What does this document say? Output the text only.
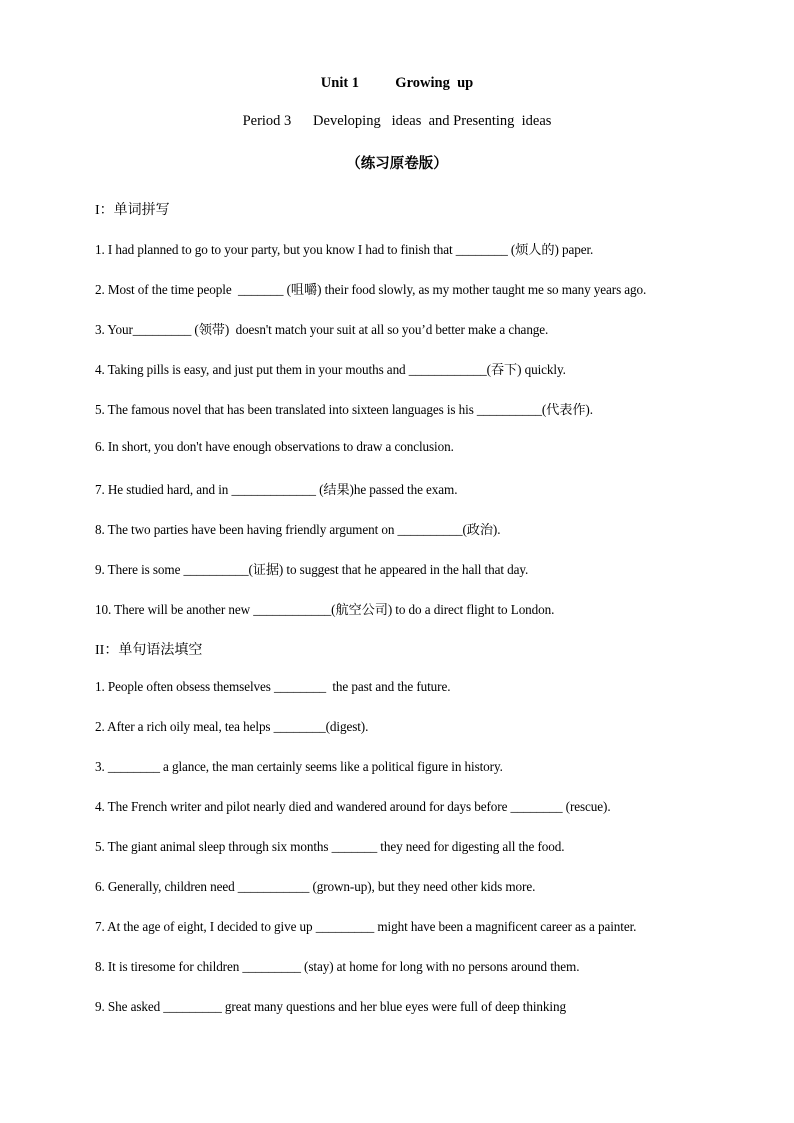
Unit 1          Growing  up
Period 3      Developing   ideas  and Presenting  ideas
（练习原卷版）
I：单词拼写
1. I had planned to go to your party, but you know I had to finish that ________ (烦人的) paper.
2. Most of the time people  _______ (咀嚼) their food slowly, as my mother taught me so many years ago.
3. Your_________ (领带)  doesn't match your suit at all so you’d better make a change.
4. Taking pills is easy, and just put them in your mouths and ____________(吞下) quickly.
5. The famous novel that has been translated into sixteen languages is his __________(代表作).
6. In short, you don't have enough observations to draw a conclusion.
7. He studied hard, and in _____________ (结果)he passed the exam.
8. The two parties have been having friendly argument on __________(政治).
9. There is some __________(证据) to suggest that he appeared in the hall that day.
10. There will be another new ____________(航空公司) to do a direct flight to London.
II：单句语法填空
1. People often obsess themselves ________  the past and the future.
2. After a rich oily meal, tea helps ________(digest).
3. ________ a glance, the man certainly seems like a political figure in history.
4. The French writer and pilot nearly died and wandered around for days before ________ (rescue).
5. The giant animal sleep through six months _______ they need for digesting all the food.
6. Generally, children need ___________ (grown-up), but they need other kids more.
7. At the age of eight, I decided to give up _________ might have been a magnificent career as a painter.
8. It is tiresome for children _________ (stay) at home for long with no persons around them.
9. She asked _________ great many questions and her blue eyes were full of deep thinking
